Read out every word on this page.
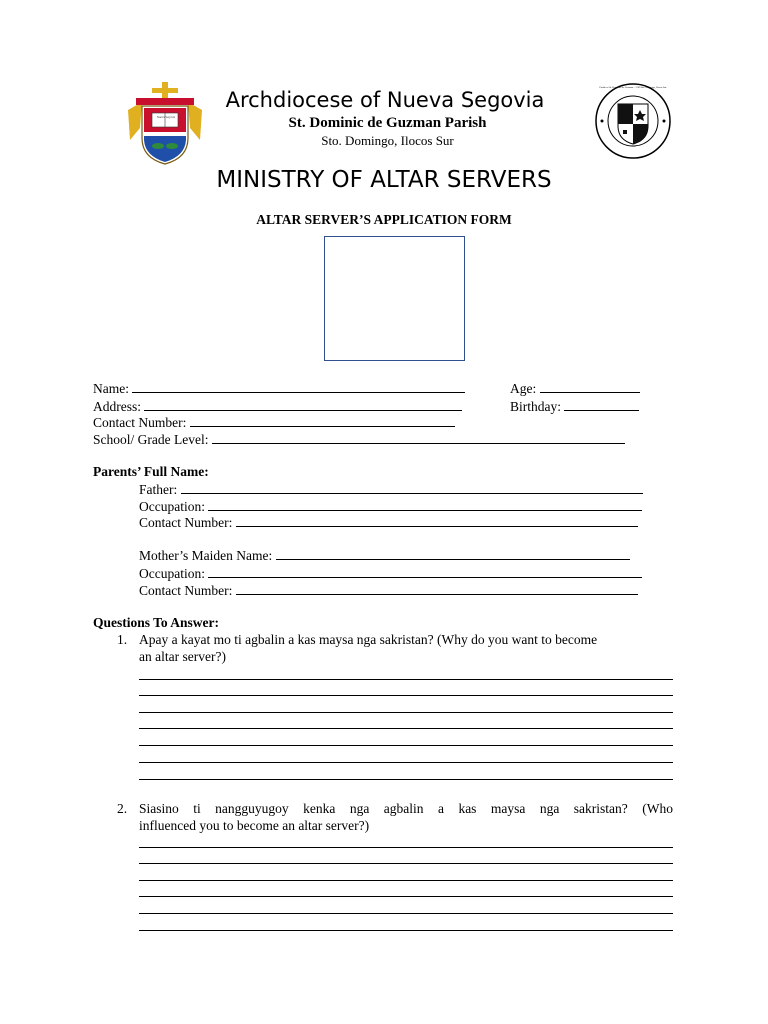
Nueva Segovia
Parish of St. Dominic de Guzman · 1769 Sto. Domingo, Ilocos Sur
Archdiocese of Nueva Segovia
St. Dominic de Guzman Parish
Sto. Domingo, Ilocos Sur
MINISTRY OF ALTAR SERVERS
ALTAR SERVER’S APPLICATION FORM
Name:	Age:
Address:	Birthday:
Contact Number:
School/ Grade Level:
Parents’ Full Name:
Father:
Occupation:
Contact Number:
Mother’s Maiden Name:
Occupation:
Contact Number:
Questions To Answer:
1. Apay a kayat mo ti agbalin a kas maysa nga sakristan? (Why do you want to become
an altar server?)
2. Siasino ti nangguyugoy kenka nga agbalin a kas maysa nga sakristan? (Who
influenced you to become an altar server?)
